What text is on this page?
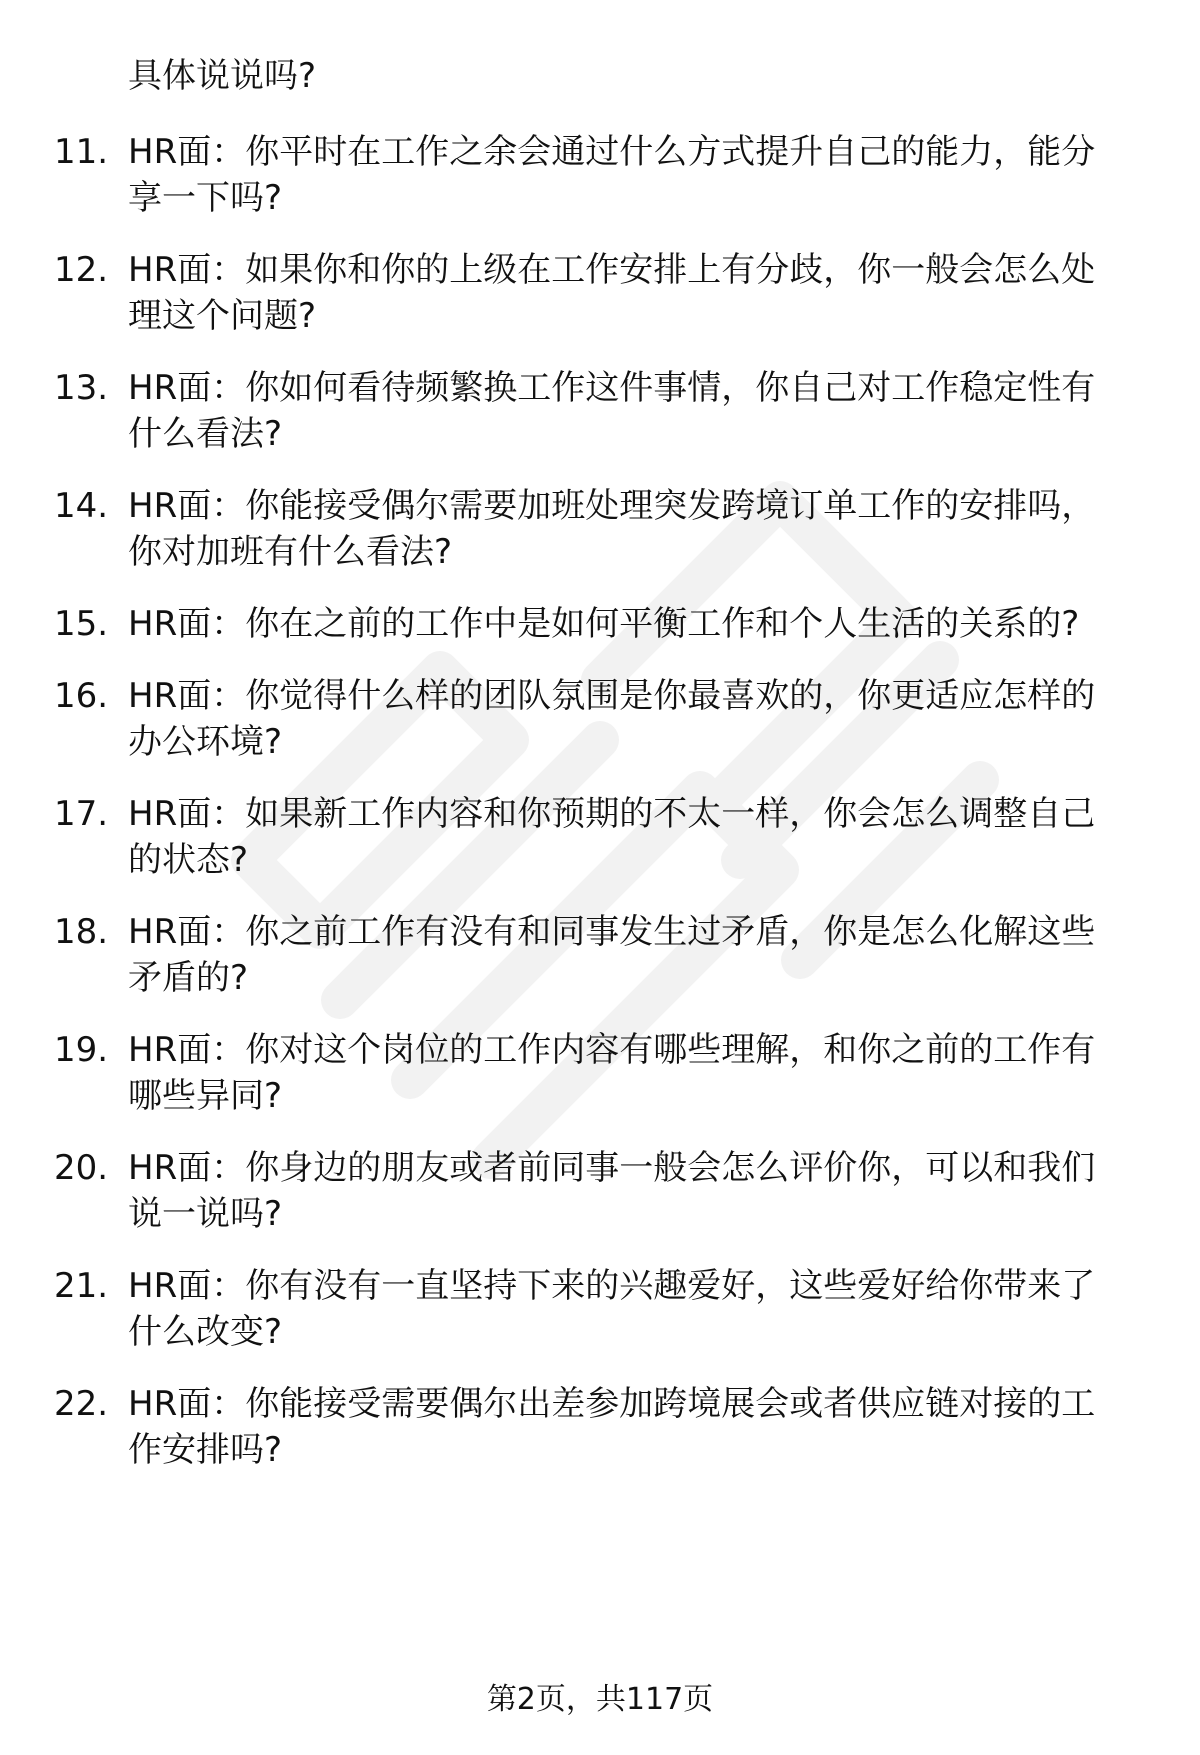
具体说说吗?
11. HR面：你平时在工作之余会通过什么方式提升自己的能力，能分
享一下吗?
12. HR面：如果你和你的上级在工作安排上有分歧，你一般会怎么处
理这个问题?
13. HR面：你如何看待频繁换工作这件事情，你自己对工作稳定性有
什么看法?
14. HR面：你能接受偶尔需要加班处理突发跨境订单工作的安排吗，
你对加班有什么看法?
15. HR面：你在之前的工作中是如何平衡工作和个人生活的关系的?
16. HR面：你觉得什么样的团队氛围是你最喜欢的，你更适应怎样的
办公环境?
17. HR面：如果新工作内容和你预期的不太一样，你会怎么调整自己
的状态?
18. HR面：你之前工作有没有和同事发生过矛盾，你是怎么化解这些
矛盾的?
19. HR面：你对这个岗位的工作内容有哪些理解，和你之前的工作有
哪些异同?
20. HR面：你身边的朋友或者前同事一般会怎么评价你，可以和我们
说一说吗?
21. HR面：你有没有一直坚持下来的兴趣爱好，这些爱好给你带来了
什么改变?
22. HR面：你能接受需要偶尔出差参加跨境展会或者供应链对接的工
作安排吗?
第2页，共117页
